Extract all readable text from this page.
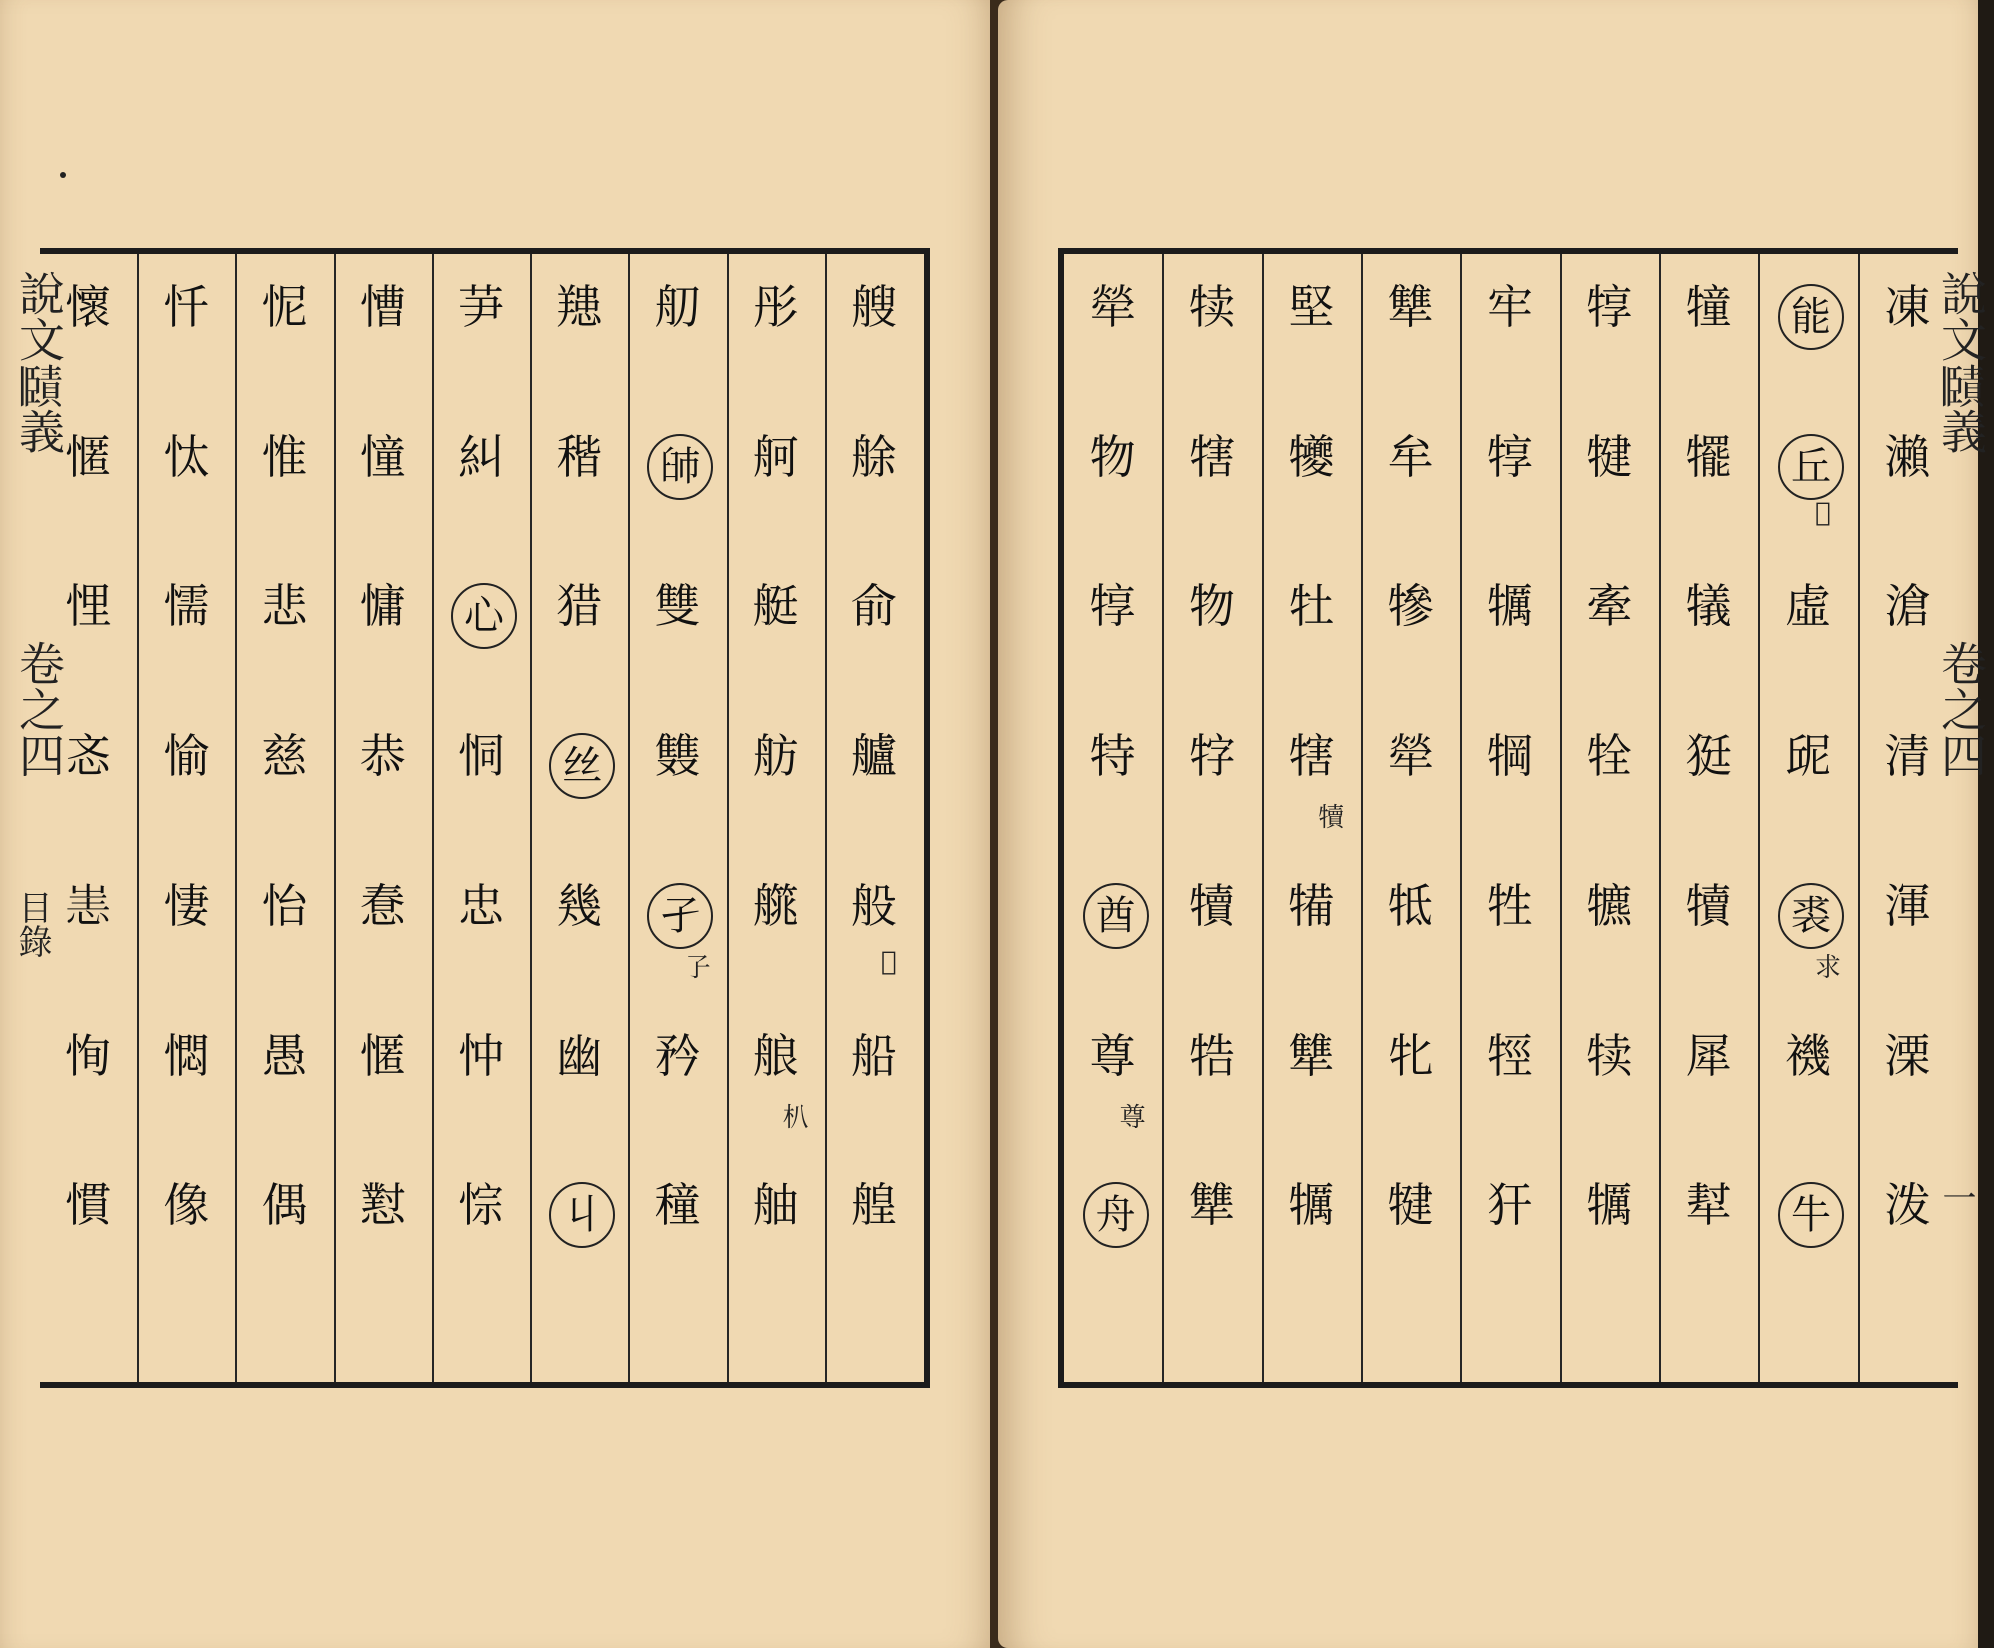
說文𧷤義
卷之四
目錄
艘
艅
俞
艫
般
船
艎
𦨑
彤
舸
艇
舫
艞
艆
舳
朳
舠
䑔
雙
䨇
孑
矜
穜
孒
䍺
稭
猎
丝
幾
幽
丩
芛
糾
心
恫
忠
忡
悰
慒
憧
慵
恭
惷
㥾
懟
怩
惟
悲
慈
怡
愚
偶
忏
忲
懦
愉
悽
㦖
像
懷
㥾
悝
忞
𢙌
恂
慣
凍
瀨
滄
清
渾
溧
泼
能
丘
虛
屔
裘
𧝞
牛
𡉖
求
犝
犤
犠
㹶
犢
犀
犎
犉
犍
牽
牷
犥
犊
犡
牢
犉
犡
犅
牲
牼
犴
犨
牟
犙
犖
牴
牝
犍
堅
犪
牡
犗
犕
犨
犡
犢
犊
犗
物
牸
犢
牿
犨
犖
物
犉
特
酋
尊
舟
尊
說文𧷤義
卷之四
一
